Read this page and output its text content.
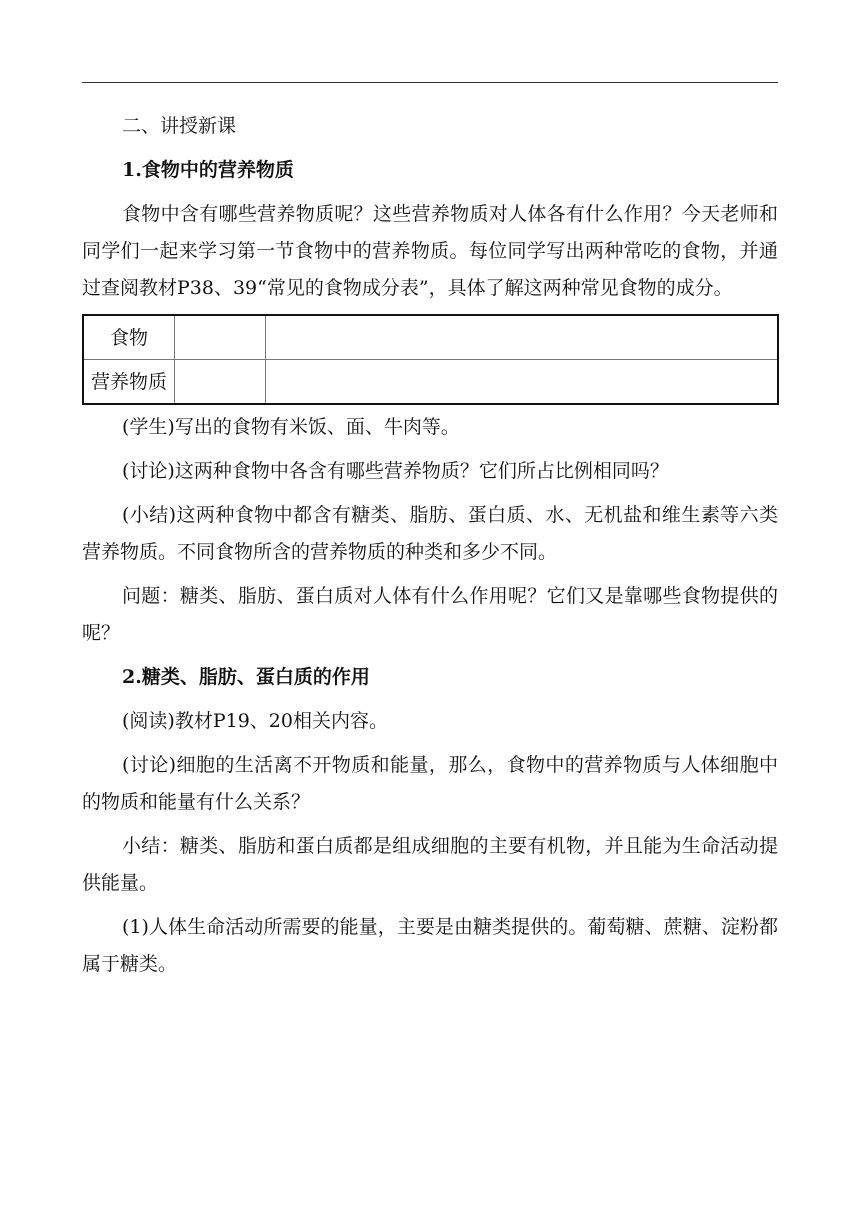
二、讲授新课

1.食物中的营养物质

食物中含有哪些营养物质呢？这些营养物质对人体各有什么作用？今天老师和同学们一起来学习第一节食物中的营养物质。每位同学写出两种常吃的食物，并通过查阅教材P38、39“常见的食物成分表”，具体了解这两种常见食物的成分。

食物		
营养物质		

(学生)写出的食物有米饭、面、牛肉等。

(讨论)这两种食物中各含有哪些营养物质？它们所占比例相同吗？

(小结)这两种食物中都含有糖类、脂肪、蛋白质、水、无机盐和维生素等六类营养物质。不同食物所含的营养物质的种类和多少不同。

问题：糖类、脂肪、蛋白质对人体有什么作用呢？它们又是靠哪些食物提供的呢？

2.糖类、脂肪、蛋白质的作用

(阅读)教材P19、20相关内容。

(讨论)细胞的生活离不开物质和能量，那么，食物中的营养物质与人体细胞中的物质和能量有什么关系？

小结：糖类、脂肪和蛋白质都是组成细胞的主要有机物，并且能为生命活动提供能量。

(1)人体生命活动所需要的能量，主要是由糖类提供的。葡萄糖、蔗糖、淀粉都属于糖类。
